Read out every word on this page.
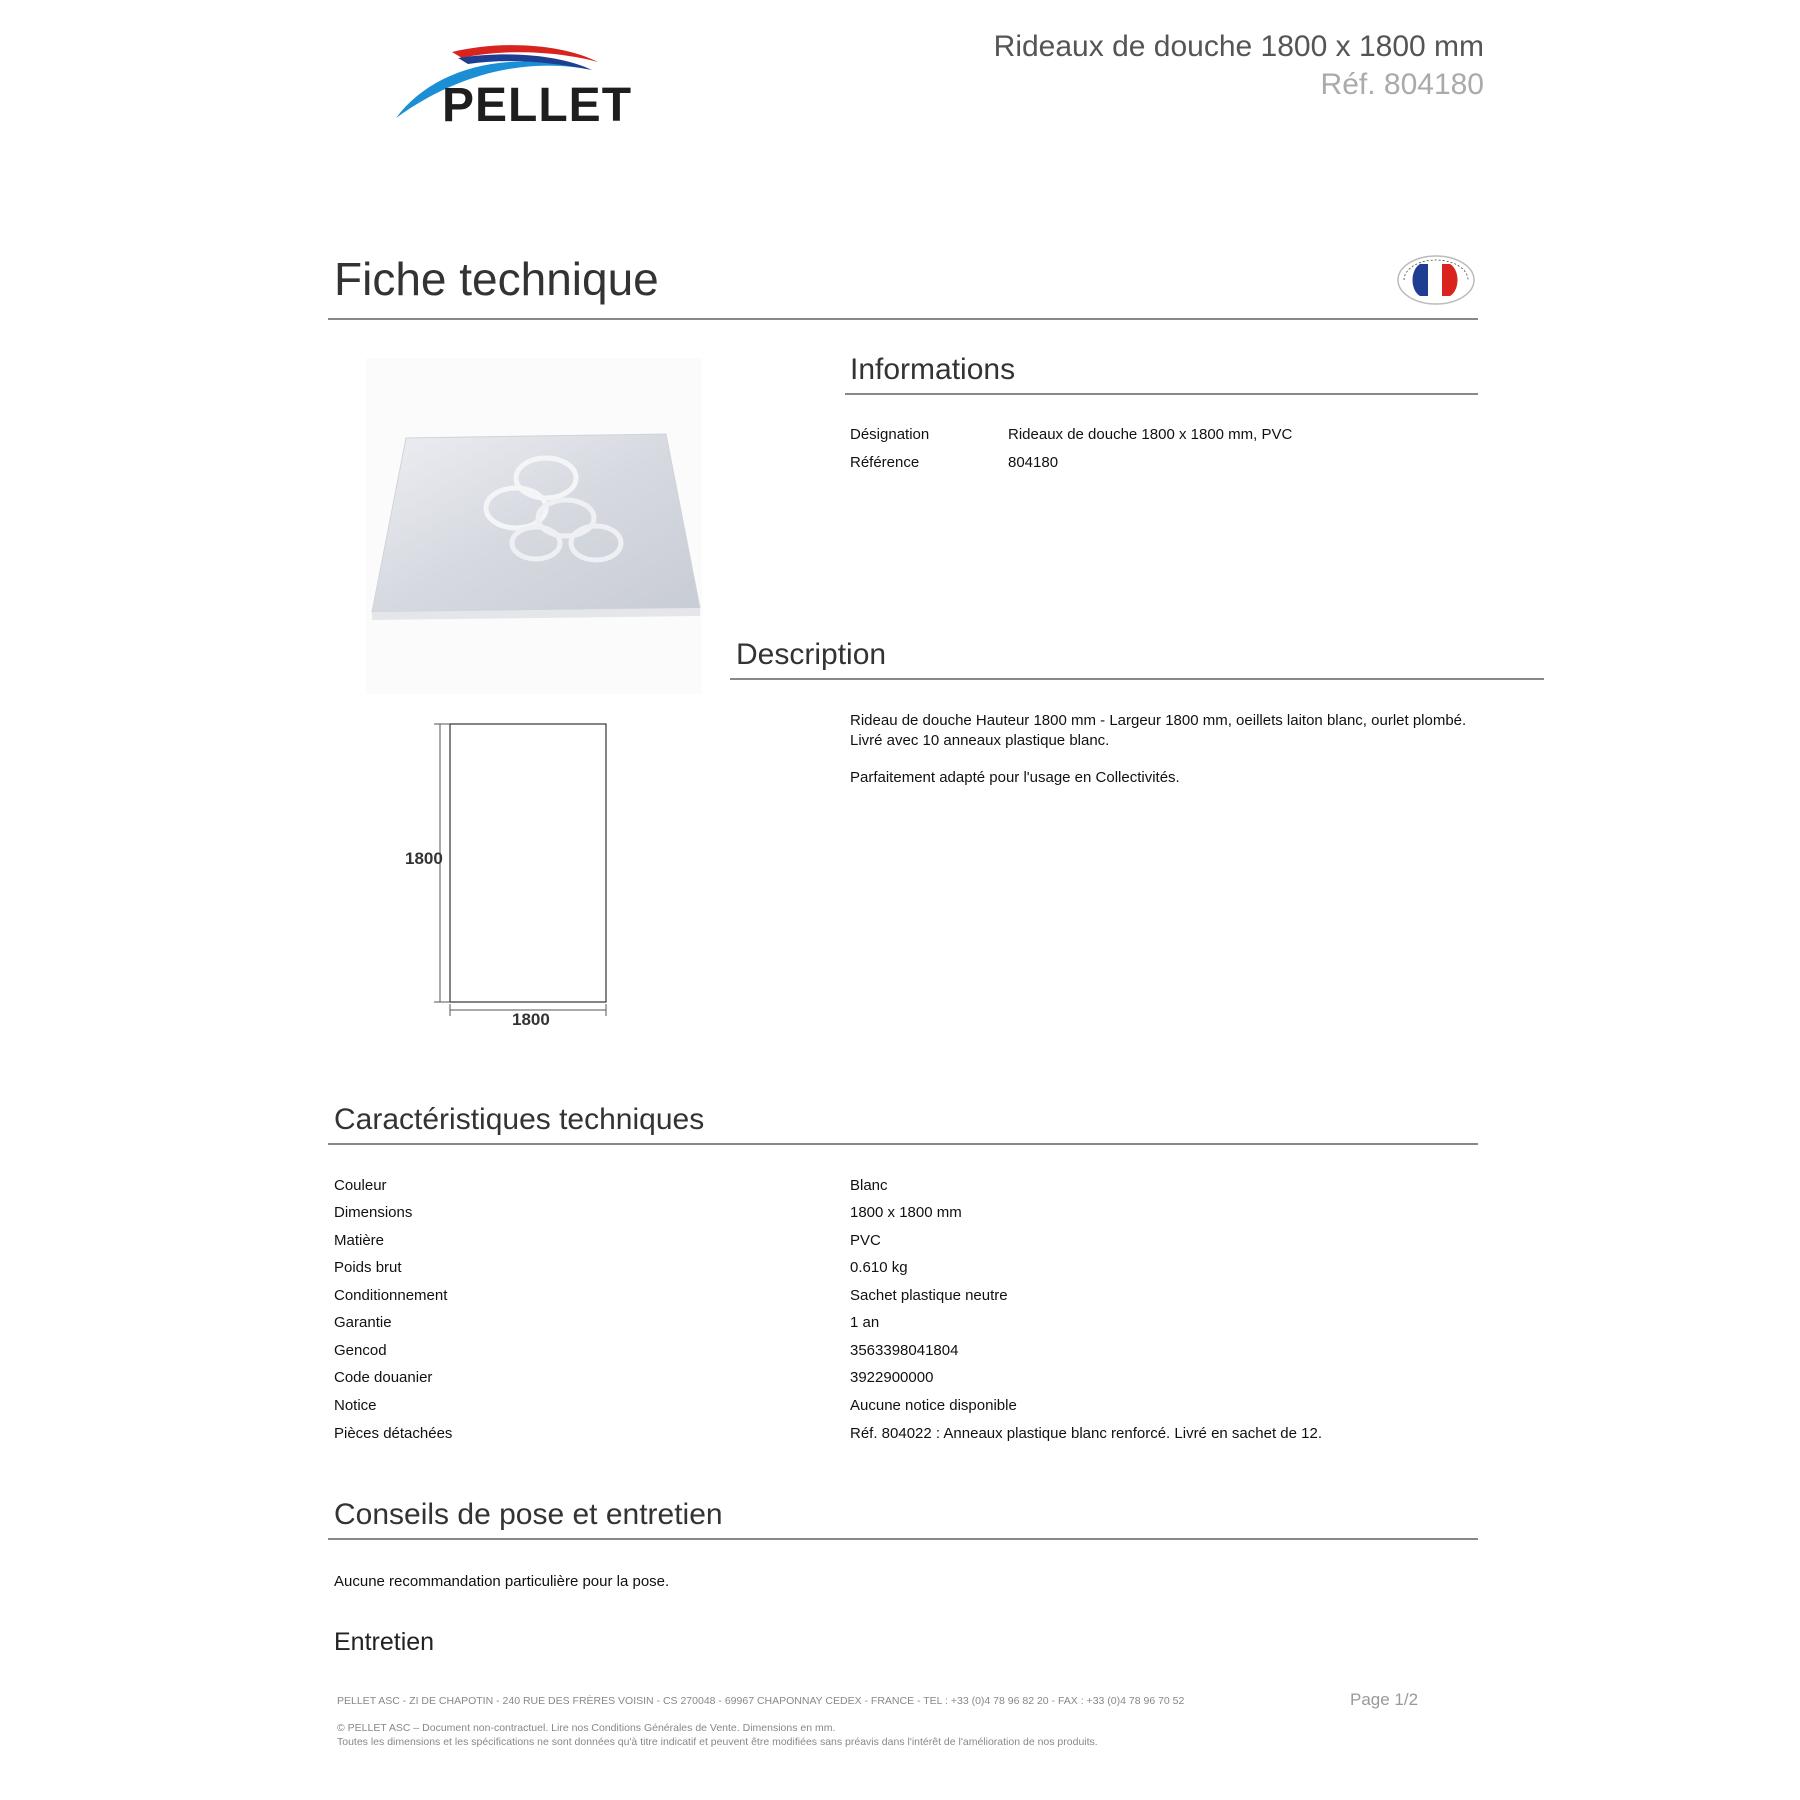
PELLET
Rideaux de douche 1800 x 1800 mm
Réf. 804180
Fiche technique
1800
1800
Informations
Désignation	Rideaux de douche 1800 x 1800 mm, PVC
Référence	804180
Description
Rideau de douche Hauteur 1800 mm - Largeur 1800 mm, oeillets laiton blanc, ourlet plombé.
Livré avec 10 anneaux plastique blanc.
Parfaitement adapté pour l'usage en Collectivités.
Caractéristiques techniques
Couleur	Blanc
Dimensions	1800 x 1800 mm
Matière	PVC
Poids brut	0.610 kg
Conditionnement	Sachet plastique neutre
Garantie	1 an
Gencod	3563398041804
Code douanier	3922900000
Notice	Aucune notice disponible
Pièces détachées	Réf. 804022 : Anneaux plastique blanc renforcé. Livré en sachet de 12.
Conseils de pose et entretien
Aucune recommandation particulière pour la pose.
Entretien
PELLET ASC - ZI DE CHAPOTIN - 240 RUE DES FRÈRES VOISIN - CS 270048 - 69967 CHAPONNAY CEDEX - FRANCE - TEL : +33 (0)4 78 96 82 20 - FAX : +33 (0)4 78 96 70 52	Page 1/2
© PELLET ASC – Document non-contractuel. Lire nos Conditions Générales de Vente. Dimensions en mm.
Toutes les dimensions et les spécifications ne sont données qu'à titre indicatif et peuvent être modifiées sans préavis dans l'intérêt de l'amélioration de nos produits.
